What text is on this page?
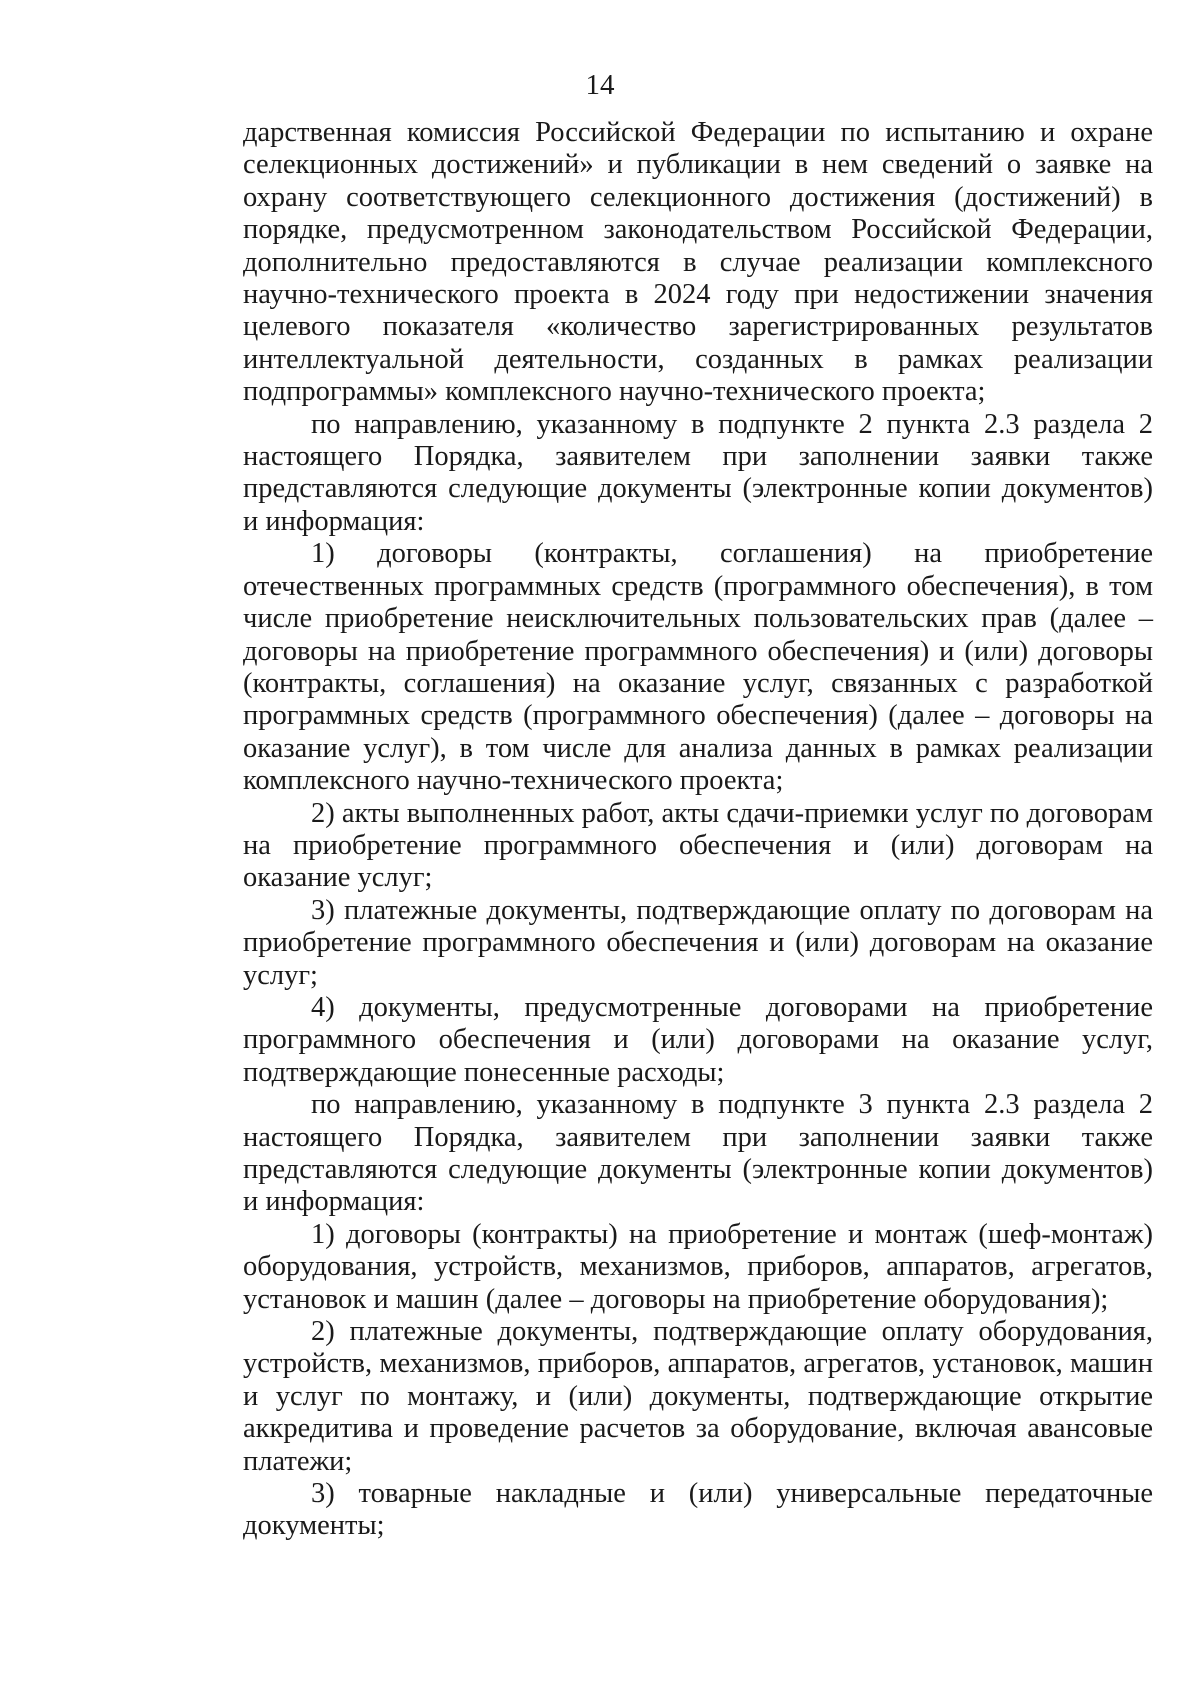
14

дарственная комиссия Российской Федерации по испытанию и охране селекционных достижений» и публикации в нем сведений о заявке на охрану соответствующего селекционного достижения (достижений) в порядке, предусмотренном законодательством Российской Федерации, дополнительно предоставляются в случае реализации комплексного научно-технического проекта в 2024 году при недостижении значения целевого показателя «количество зарегистрированных результатов интеллектуальной деятельности, созданных в рамках реализации подпрограммы» комплексного научно-технического проекта;

по направлению, указанному в подпункте 2 пункта 2.3 раздела 2 настоящего Порядка, заявителем при заполнении заявки также представляются следующие документы (электронные копии документов) и информация:

1) договоры (контракты, соглашения) на приобретение отечественных программных средств (программного обеспечения), в том числе приобретение неисключительных пользовательских прав (далее – договоры на приобретение программного обеспечения) и (или) договоры (контракты, соглашения) на оказание услуг, связанных с разработкой программных средств (программного обеспечения) (далее – договоры на оказание услуг), в том числе для анализа данных в рамках реализации комплексного научно-технического проекта;

2) акты выполненных работ, акты сдачи-приемки услуг по договорам на приобретение программного обеспечения и (или) договорам на оказание услуг;

3) платежные документы, подтверждающие оплату по договорам на приобретение программного обеспечения и (или) договорам на оказание услуг;

4) документы, предусмотренные договорами на приобретение программного обеспечения и (или) договорами на оказание услуг, подтверждающие понесенные расходы;

по направлению, указанному в подпункте 3 пункта 2.3 раздела 2 настоящего Порядка, заявителем при заполнении заявки также представляются следующие документы (электронные копии документов) и информация:

1) договоры (контракты) на приобретение и монтаж (шеф-монтаж) оборудования, устройств, механизмов, приборов, аппаратов, агрегатов, установок и машин (далее – договоры на приобретение оборудования);

2) платежные документы, подтверждающие оплату оборудования, устройств, механизмов, приборов, аппаратов, агрегатов, установок, машин и услуг по монтажу, и (или) документы, подтверждающие открытие аккредитива и проведение расчетов за оборудование, включая авансовые платежи;

3) товарные накладные и (или) универсальные передаточные документы;
